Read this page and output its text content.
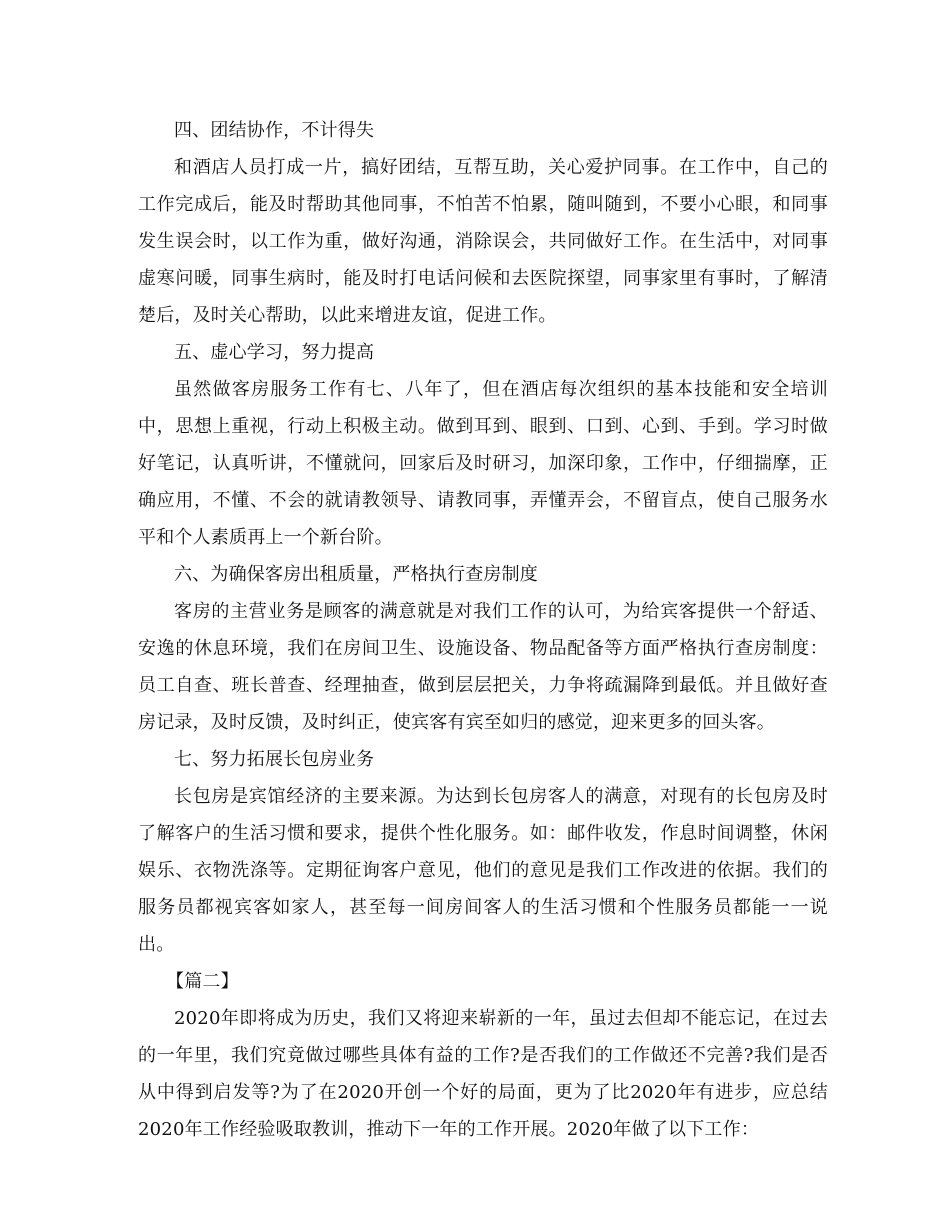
四、团结协作，不计得失

和酒店人员打成一片，搞好团结，互帮互助，关心爱护同事。在工作中，自己的工作完成后，能及时帮助其他同事，不怕苦不怕累，随叫随到，不要小心眼，和同事发生误会时，以工作为重，做好沟通，消除误会，共同做好工作。在生活中，对同事虚寒问暖，同事生病时，能及时打电话问候和去医院探望，同事家里有事时，了解清楚后，及时关心帮助，以此来增进友谊，促进工作。

五、虚心学习，努力提高

虽然做客房服务工作有七、八年了，但在酒店每次组织的基本技能和安全培训中，思想上重视，行动上积极主动。做到耳到、眼到、口到、心到、手到。学习时做好笔记，认真听讲，不懂就问，回家后及时研习，加深印象，工作中，仔细揣摩，正确应用，不懂、不会的就请教领导、请教同事，弄懂弄会，不留盲点，使自己服务水平和个人素质再上一个新台阶。

六、为确保客房出租质量，严格执行查房制度

客房的主营业务是顾客的满意就是对我们工作的认可，为给宾客提供一个舒适、安逸的休息环境，我们在房间卫生、设施设备、物品配备等方面严格执行查房制度：员工自查、班长普查、经理抽查，做到层层把关，力争将疏漏降到最低。并且做好查房记录，及时反馈，及时纠正，使宾客有宾至如归的感觉，迎来更多的回头客。

七、努力拓展长包房业务

长包房是宾馆经济的主要来源。为达到长包房客人的满意，对现有的长包房及时了解客户的生活习惯和要求，提供个性化服务。如：邮件收发，作息时间调整，休闲娱乐、衣物洗涤等。定期征询客户意见，他们的意见是我们工作改进的依据。我们的服务员都视宾客如家人，甚至每一间房间客人的生活习惯和个性服务员都能一一说出。

【篇二】

2020年即将成为历史，我们又将迎来崭新的一年，虽过去但却不能忘记，在过去的一年里，我们究竟做过哪些具体有益的工作?是否我们的工作做还不完善?我们是否从中得到启发等?为了在2020开创一个好的局面，更为了比2020年有进步，应总结2020年工作经验吸取教训，推动下一年的工作开展。2020年做了以下工作：
